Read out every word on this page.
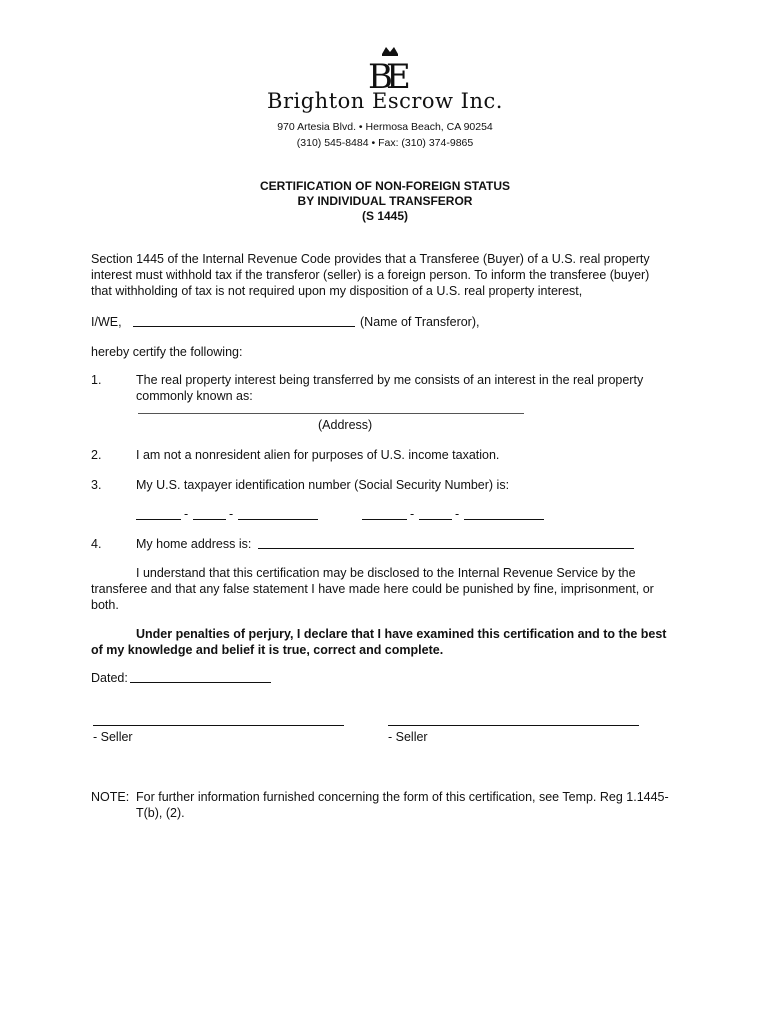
B
E
Brighton Escrow Inc.
970 Artesia Blvd. • Hermosa Beach, CA 90254
(310) 545-8484 • Fax: (310) 374-9865
CERTIFICATION OF NON-FOREIGN STATUS
BY INDIVIDUAL TRANSFEROR
(S 1445)
Section 1445 of the Internal Revenue Code provides that a Transferee (Buyer) of a U.S. real property
interest must withhold tax if the transferor (seller) is a foreign person. To inform the transferee (buyer)
that withholding of tax is not required upon my disposition of a U.S. real property interest,
I/WE,	(Name of Transferor),
hereby certify the following:
1.	The real property interest being transferred by me consists of an interest in the real property
commonly known as:
(Address)
2.	I am not a nonresident alien for purposes of U.S. income taxation.
3.	My U.S. taxpayer identification number (Social Security Number) is:
-	-	-	-
4.	My home address is:
I understand that this certification may be disclosed to the Internal Revenue Service by the
transferee and that any false statement I have made here could be punished by fine, imprisonment, or
both.
Under penalties of perjury, I declare that I have examined this certification and to the best
of my knowledge and belief it is true, correct and complete.
Dated:
- Seller	- Seller
NOTE: For further information furnished concerning the form of this certification, see Temp. Reg 1.1445-
T(b), (2).
